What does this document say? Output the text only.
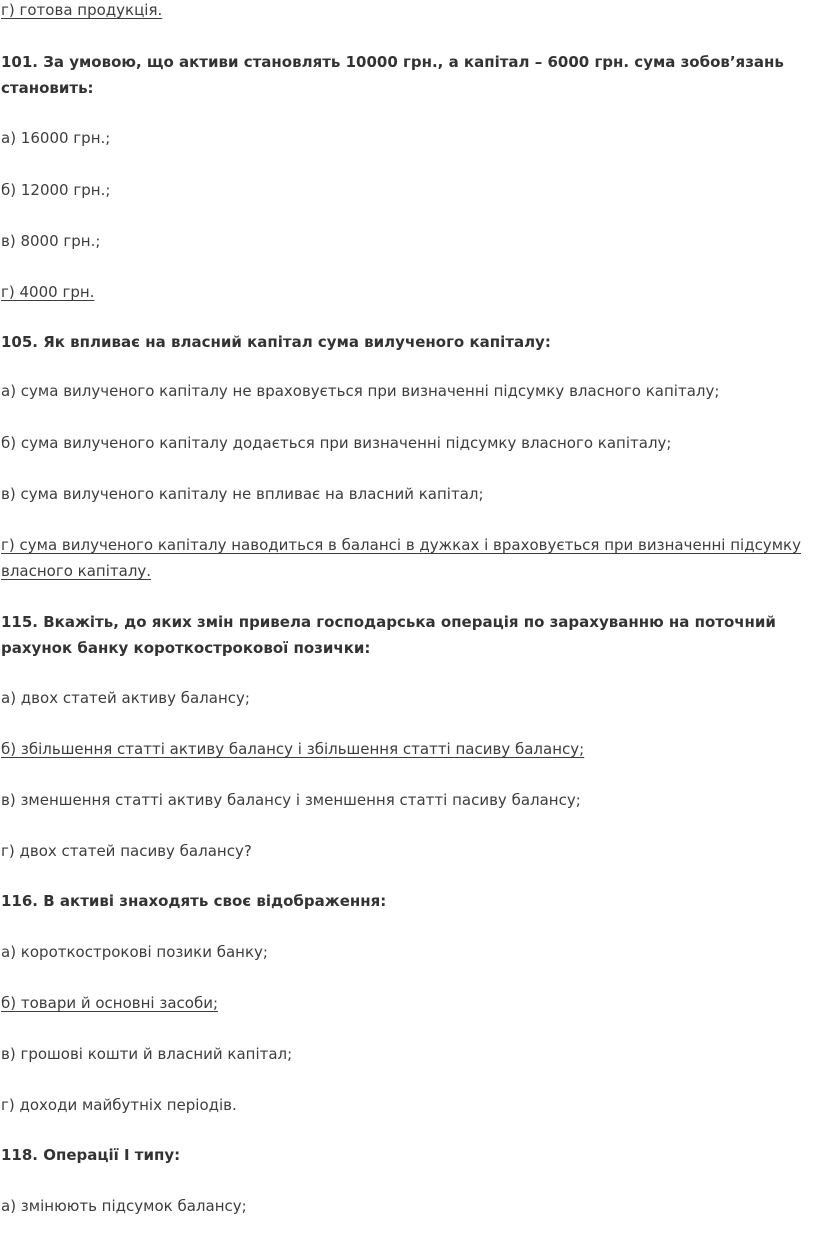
г) готова продукція.

101. За умовою, що активи становлять 10000 грн., а капітал – 6000 грн. сума зобов’язань становить:

а) 16000 грн.;

б) 12000 грн.;

в) 8000 грн.;

г) 4000 грн.

105. Як впливає на власний капітал сума вилученого капіталу:

а) сума вилученого капіталу не враховується при визначенні підсумку власного капіталу;

б) сума вилученого капіталу додається при визначенні підсумку власного капіталу;

в) сума вилученого капіталу не впливає на власний капітал;

г) сума вилученого капіталу наводиться в балансі в дужках і враховується при визначенні підсумку власного капіталу.

115. Вкажіть, до яких змін привела господарська операція по зарахуванню на поточний рахунок банку короткострокової позички:

а) двох статей активу балансу;

б) збільшення статті активу балансу і збільшення статті пасиву балансу;

в) зменшення статті активу балансу і зменшення статті пасиву балансу;

г) двох статей пасиву балансу?

116. В активі знаходять своє відображення:

а) короткострокові позики банку;

б) товари й основні засоби;

в) грошові кошти й власний капітал;

г) доходи майбутніх періодів.

118. Операції I типу:

а) змінюють підсумок балансу;
